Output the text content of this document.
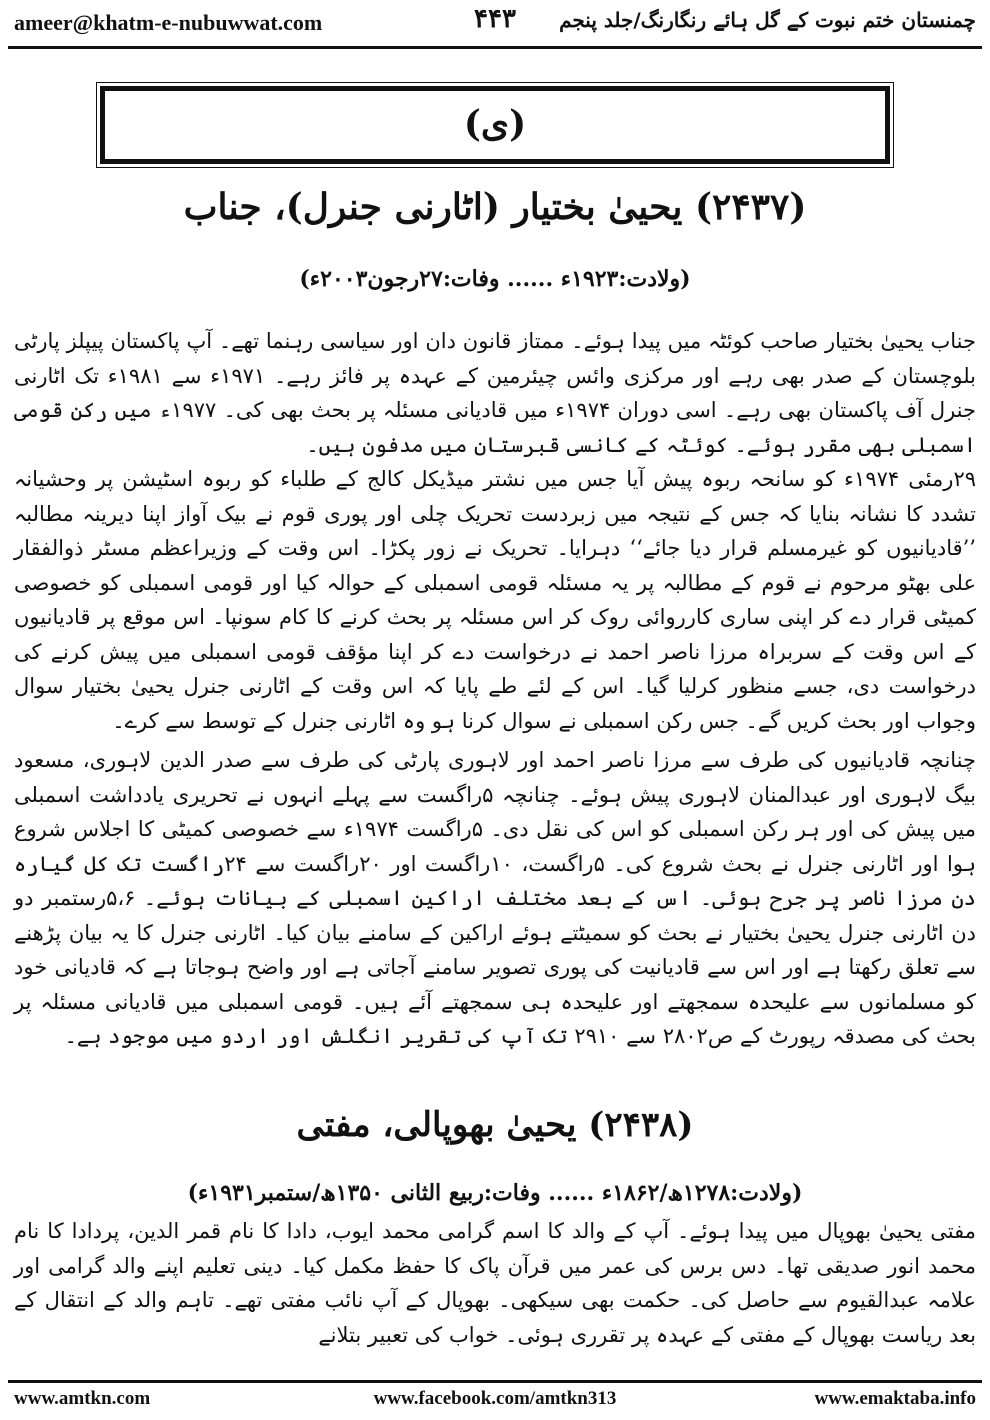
ameer@khatm-e-nubuwwat.com	۴۴۳	چمنستان ختم نبوت کے گل ہائے رنگارنگ/جلد پنجم
(ی)
(۲۴۳۷) یحییٰ بختیار (اٹارنی جنرل)، جناب
(ولادت:۱۹۲۳ء ...... وفات:۲۷رجون۲۰۰۳ء)

جناب یحییٰ بختیار صاحب کوئٹہ میں پیدا ہوئے۔ ممتاز قانون دان اور سیاسی رہنما تھے۔ آپ پاکستان پیپلز پارٹی بلوچستان کے صدر بھی رہے اور مرکزی وائس چیئرمین کے عہدہ پر فائز رہے۔ ۱۹۷۱ء سے ۱۹۸۱ء تک اٹارنی جنرل آف پاکستان بھی رہے۔ اسی دوران ۱۹۷۴ء میں قادیانی مسئلہ پر بحث بھی کی۔ ۱۹۷۷ء میں رکن قومی اسمبلی بھی مقرر ہوئے۔ کوئٹہ کے کانسی قبرستان میں مدفون ہیں۔

۲۹رمئی ۱۹۷۴ء کو سانحہ ربوہ پیش آیا جس میں نشتر میڈیکل کالج کے طلباء کو ربوہ اسٹیشن پر وحشیانہ تشدد کا نشانہ بنایا کہ جس کے نتیجہ میں زبردست تحریک چلی اور پوری قوم نے بیک آواز اپنا دیرینہ مطالبہ ’’قادیانیوں کو غیرمسلم قرار دیا جائے‘‘ دہرایا۔ تحریک نے زور پکڑا۔ اس وقت کے وزیراعظم مسٹر ذوالفقار علی بھٹو مرحوم نے قوم کے مطالبہ پر یہ مسئلہ قومی اسمبلی کے حوالہ کیا اور قومی اسمبلی کو خصوصی کمیٹی قرار دے کر اپنی ساری کارروائی روک کر اس مسئلہ پر بحث کرنے کا کام سونپا۔ اس موقع پر قادیانیوں کے اس وقت کے سربراہ مرزا ناصر احمد نے درخواست دے کر اپنا مؤقف قومی اسمبلی میں پیش کرنے کی درخواست دی، جسے منظور کرلیا گیا۔ اس کے لئے طے پایا کہ اس وقت کے اٹارنی جنرل یحییٰ بختیار سوال وجواب اور بحث کریں گے۔ جس رکن اسمبلی نے سوال کرنا ہو وہ اٹارنی جنرل کے توسط سے کرے۔

چنانچہ قادیانیوں کی طرف سے مرزا ناصر احمد اور لاہوری پارٹی کی طرف سے صدر الدین لاہوری، مسعود بیگ لاہوری اور عبدالمنان لاہوری پیش ہوئے۔ چنانچہ ۵راگست سے پہلے انہوں نے تحریری یادداشت اسمبلی میں پیش کی اور ہر رکن اسمبلی کو اس کی نقل دی۔ ۵راگست ۱۹۷۴ء سے خصوصی کمیٹی کا اجلاس شروع ہوا اور اٹارنی جنرل نے بحث شروع کی۔ ۵راگست، ۱۰راگست اور ۲۰راگست سے ۲۴راگست تک کل گیارہ دن مرزا ناصر پر جرح ہوئی۔ اس کے بعد مختلف اراکین اسمبلی کے بیانات ہوئے۔ ۵،۶رستمبر دو دن اٹارنی جنرل یحییٰ بختیار نے بحث کو سمیٹتے ہوئے اراکین کے سامنے بیان کیا۔ اٹارنی جنرل کا یہ بیان پڑھنے سے تعلق رکھتا ہے اور اس سے قادیانیت کی پوری تصویر سامنے آجاتی ہے اور واضح ہوجاتا ہے کہ قادیانی خود کو مسلمانوں سے علیحدہ سمجھتے اور علیحدہ ہی سمجھتے آئے ہیں۔ قومی اسمبلی میں قادیانی مسئلہ پر بحث کی مصدقہ رپورٹ کے ص۲۸۰۲ سے ۲۹۱۰ تک آپ کی تقریر انگلش اور اردو میں موجود ہے۔

(۲۴۳۸) یحییٰ بھوپالی، مفتی
(ولادت:۱۲۷۸ھ/۱۸۶۲ء ...... وفات:ربیع الثانی ۱۳۵۰ھ/ستمبر۱۹۳۱ء)

مفتی یحییٰ بھوپال میں پیدا ہوئے۔ آپ کے والد کا اسم گرامی محمد ایوب، دادا کا نام قمر الدین، پردادا کا نام محمد انور صدیقی تھا۔ دس برس کی عمر میں قرآن پاک کا حفظ مکمل کیا۔ دینی تعلیم اپنے والد گرامی اور علامہ عبدالقیوم سے حاصل کی۔ حکمت بھی سیکھی۔ بھوپال کے آپ نائب مفتی تھے۔ تاہم والد کے انتقال کے بعد ریاست بھوپال کے مفتی کے عہدہ پر تقرری ہوئی۔ خواب کی تعبیر بتلانے

www.amtkn.com	www.facebook.com/amtkn313	www.emaktaba.info
